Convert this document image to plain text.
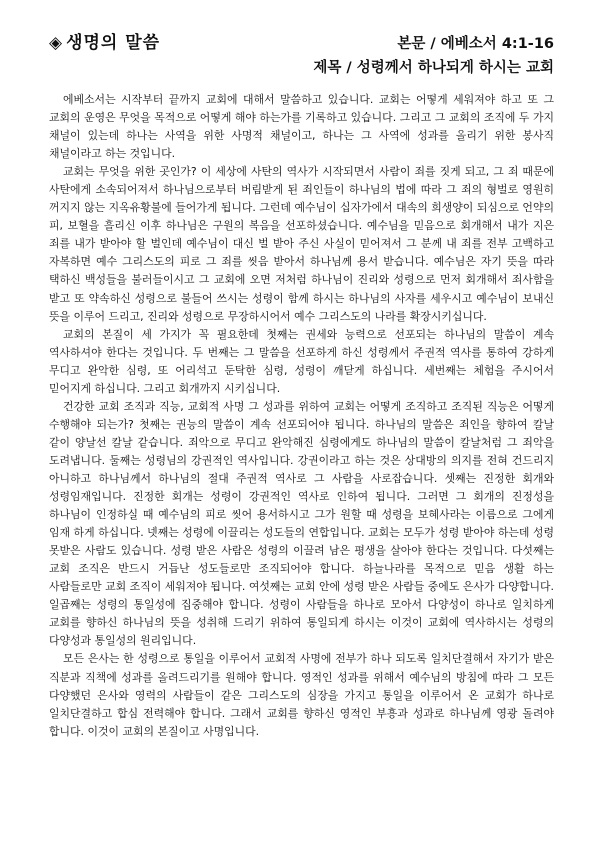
◈ 생명의 말씀	본문 / 에베소서 4:1-16
제목 / 성령께서 하나되게 하시는 교회

에베소서는 시작부터 끝까지 교회에 대해서 말씀하고 있습니다. 교회는 어떻게 세워져야 하고 또 그 교회의 운영은 무엇을 목적으로 어떻게 해야 하는가를 기록하고 있습니다. 그리고 그 교회의 조직에 두 가지 채널이 있는데 하나는 사역을 위한 사명적 채널이고, 하나는 그 사역에 성과를 올리기 위한 봉사직 채널이라고 하는 것입니다.

교회는 무엇을 위한 곳인가? 이 세상에 사탄의 역사가 시작되면서 사람이 죄를 짓게 되고, 그 죄 때문에 사탄에게 소속되어져서 하나님으로부터 버림받게 된 죄인들이 하나님의 법에 따라 그 죄의 형벌로 영원히 꺼지지 않는 지옥유황불에 들어가게 됩니다. 그런데 예수님이 십자가에서 대속의 희생양이 되심으로 언약의 피, 보혈을 흘리신 이후 하나님은 구원의 복음을 선포하셨습니다. 예수님을 믿음으로 회개해서 내가 지은 죄를 내가 받아야 할 벌인데 예수님이 대신 벌 받아 주신 사실이 믿어져서 그 분께 내 죄를 전부 고백하고 자복하면 예수 그리스도의 피로 그 죄를 씻음 받아서 하나님께 용서 받습니다. 예수님은 자기 뜻을 따라 택하신 백성들을 불러들이시고 그 교회에 오면 저처럼 하나님이 진리와 성령으로 먼저 회개해서 죄사함을 받고 또 약속하신 성령으로 불들어 쓰시는 성령이 함께 하시는 하나님의 사자를 세우시고 예수님이 보내신 뜻을 이루어 드리고, 진리와 성령으로 무장하시어서 예수 그리스도의 나라를 확장시키십니다.

교회의 본질이 세 가지가 꼭 필요한데 첫째는 권세와 능력으로 선포되는 하나님의 말씀이 계속 역사하셔야 한다는 것입니다. 두 번째는 그 말씀을 선포하게 하신 성령께서 주권적 역사를 통하여 강하게 무디고 완악한 심령, 또 어리석고 둔탁한 심령, 성령이 깨닫게 하십니다. 세번째는 체험을 주시어서 믿어지게 하십니다. 그리고 회개까지 시키십니다.

건강한 교회 조직과 직능, 교회적 사명 그 성과를 위하여 교회는 어떻게 조직하고 조직된 직능은 어떻게 수행해야 되는가? 첫째는 권능의 말씀이 계속 선포되어야 됩니다. 하나님의 말씀은 죄인을 향하여 칼날 같이 양날선 칼날 같습니다. 죄악으로 무디고 완악해진 심령에게도 하나님의 말씀이 칼날처럼 그 죄악을 도려냅니다. 둘째는 성령님의 강권적인 역사입니다. 강권이라고 하는 것은 상대방의 의지를 전혀 건드리지 아니하고 하나님께서 하나님의 절대 주권적 역사로 그 사람을 사로잡습니다. 셋째는 진정한 회개와 성령임재입니다. 진정한 회개는 성령이 강권적인 역사로 인하여 됩니다. 그러면 그 회개의 진정성을 하나님이 인정하실 때 예수님의 피로 씻어 용서하시고 그가 원할 때 성령을 보혜사라는 이름으로 그에게 임재 하게 하십니다. 넷째는 성령에 이끌리는 성도들의 연합입니다. 교회는 모두가 성령 받아야 하는데 성령 못받은 사람도 있습니다. 성령 받은 사람은 성령의 이끌려 남은 평생을 살아야 한다는 것입니다. 다섯째는 교회 조직은 반드시 거듭난 성도들로만 조직되어야 합니다. 하늘나라를 목적으로 믿음 생활 하는 사람들로만 교회 조직이 세워져야 됩니다. 여섯째는 교회 안에 성령 받은 사람들 중에도 은사가 다양합니다. 일곱째는 성령의 통일성에 집중해야 합니다. 성령이 사람들을 하나로 모아서 다양성이 하나로 일치하게 교회를 향하신 하나님의 뜻을 성취해 드리기 위하여 통일되게 하시는 이것이 교회에 역사하시는 성령의 다양성과 통일성의 원리입니다.

모든 은사는 한 성령으로 통일을 이루어서 교회적 사명에 전부가 하나 되도록 일치단결해서 자기가 받은 직분과 직책에 성과를 올려드리기를 원해야 합니다. 영적인 성과를 위해서 예수님의 방침에 따라 그 모든 다양했던 은사와 영력의 사람들이 같은 그리스도의 심장을 가지고 통일을 이루어서 온 교회가 하나로 일치단결하고 합심 전력해야 합니다. 그래서 교회를 향하신 영적인 부흥과 성과로 하나님께 영광 돌려야 합니다. 이것이 교회의 본질이고 사명입니다.
